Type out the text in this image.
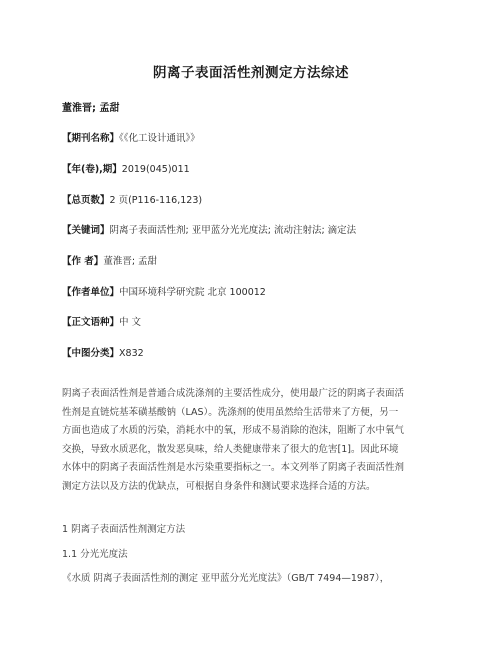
阴离子表面活性剂测定方法综述
董淮晋; 孟甜
【期刊名称】《《化工设计通讯》》
【年(卷),期】2019(045)011
【总页数】2 页(P116-116,123)
【关键词】阴离子表面活性剂; 亚甲蓝分光光度法; 流动注射法; 滴定法
【作 者】董淮晋; 孟甜
【作者单位】中国环境科学研究院 北京 100012
【正文语种】中 文
【中图分类】X832
阴离子表面活性剂是普通合成洗涤剂的主要活性成分，使用最广泛的阴离子表面活
性剂是直链烷基苯磺基酸钠（LAS）。洗涤剂的使用虽然给生活带来了方便，另一
方面也造成了水质的污染，消耗水中的氧，形成不易消除的泡沫，阻断了水中氧气
交换，导致水质恶化，散发恶臭味，给人类健康带来了很大的危害[1]。因此环境
水体中的阴离子表面活性剂是水污染重要指标之一。本文列举了阴离子表面活性剂
测定方法以及方法的优缺点，可根据自身条件和测试要求选择合适的方法。
1 阴离子表面活性剂测定方法
1.1 分光光度法
《水质 阴离子表面活性剂的测定 亚甲蓝分光光度法》（GB/T 7494—1987），
